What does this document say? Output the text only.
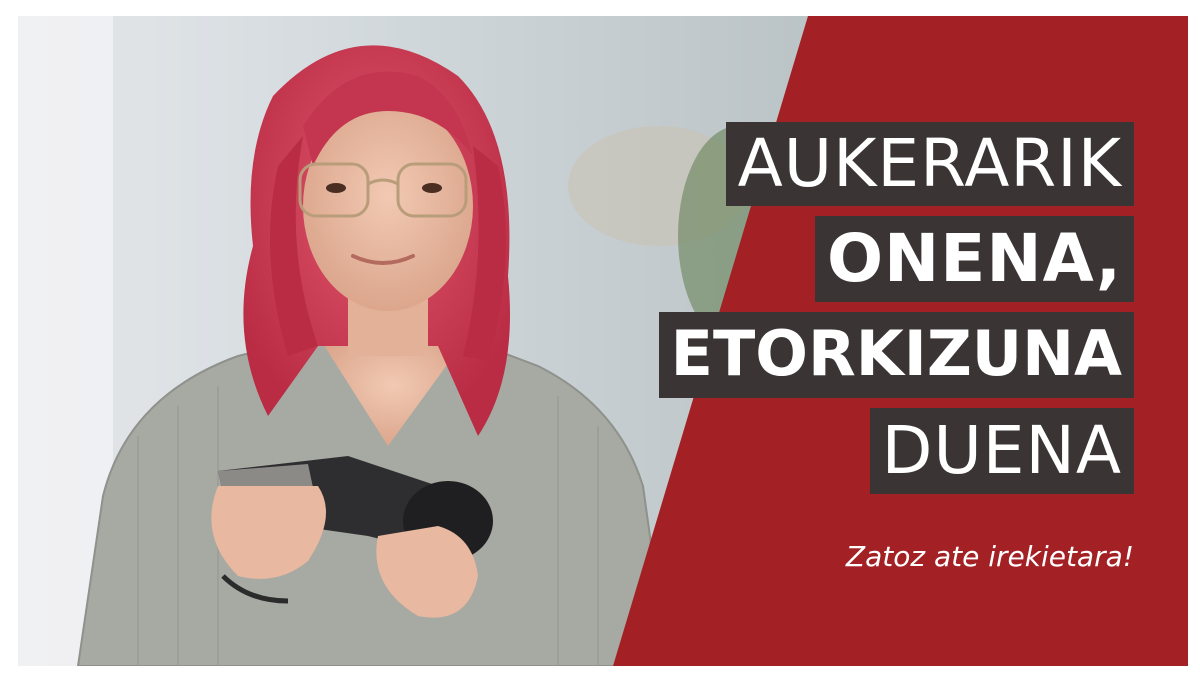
AUKERARIK
ONENA,
ETORKIZUNA
DUENA
Zatoz ate irekietara!
